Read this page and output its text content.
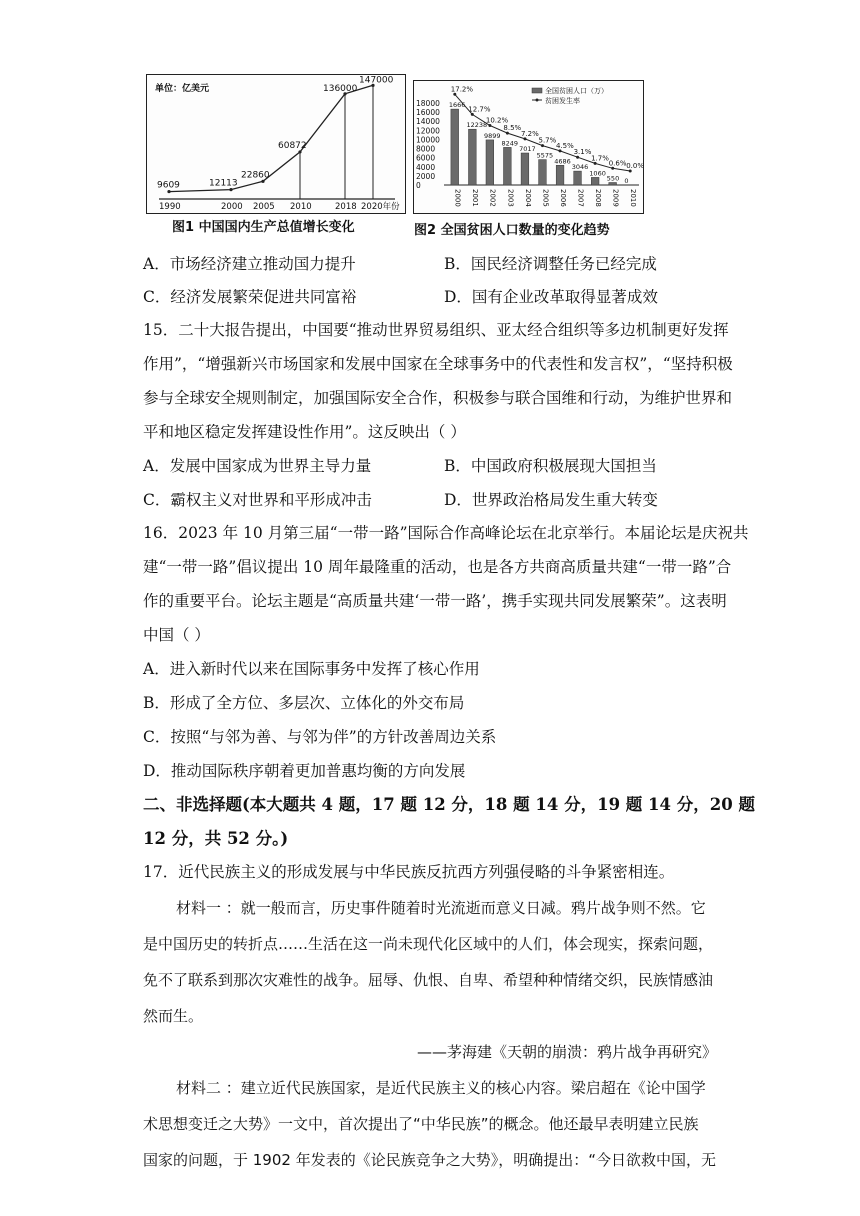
单位：亿美元
9609
1990
12113
2000
22860
2005
60872
2010
136000
2018
147000
2020年份
图1 中国国内生产总值增长变化
18000
16000
14000
12000
10000
8000
6000
4000
2000
0
1666
2000
12238
2001
9899
2002
8249
2003
7017
2004
5575
2005
4686
2006
3046
2007
1060
2008
550
2009
0
2010
17.2%
12.7%
10.2%
8.5%
7.2%
5.7%
4.5%
3.1%
1.7%
0.6% 0.0%
全国贫困人口（万）
贫困发生率
图2 全国贫困人口数量的变化趋势
A．市场经济建立推动国力提升	B．国民经济调整任务已经完成
C．经济发展繁荣促进共同富裕	D．国有企业改革取得显著成效
15．二十大报告提出，中国要“推动世界贸易组织、亚太经合组织等多边机制更好发挥
作用”，“增强新兴市场国家和发展中国家在全球事务中的代表性和发言权”，“坚持积极
参与全球安全规则制定，加强国际安全合作，积极参与联合国维和行动，为维护世界和
平和地区稳定发挥建设性作用”。这反映出（ ）
A．发展中国家成为世界主导力量	B．中国政府积极展现大国担当
C．霸权主义对世界和平形成冲击	D．世界政治格局发生重大转变
16．2023 年 10 月第三届“一带一路”国际合作高峰论坛在北京举行。本届论坛是庆祝共
建“一带一路”倡议提出 10 周年最隆重的活动，也是各方共商高质量共建“一带一路”合
作的重要平台。论坛主题是“高质量共建‘一带一路’，携手实现共同发展繁荣”。这表明
中国（ ）
A．进入新时代以来在国际事务中发挥了核心作用
B．形成了全方位、多层次、立体化的外交布局
C．按照“与邻为善、与邻为伴”的方针改善周边关系
D．推动国际秩序朝着更加普惠均衡的方向发展
二、非选择题(本大题共 4 题，17 题 12 分，18 题 14 分，19 题 14 分，20 题
12 分，共 52 分。)
17．近代民族主义的形成发展与中华民族反抗西方列强侵略的斗争紧密相连。
材料一 ：就一般而言，历史事件随着时光流逝而意义日减。鸦片战争则不然。它
是中国历史的转折点……生活在这一尚未现代化区域中的人们，体会现实，探索问题，
免不了联系到那次灾难性的战争。屈辱、仇恨、自卑、希望种种情绪交织，民族情感油
然而生。
——茅海建《天朝的崩溃：鸦片战争再研究》
材料二 ：建立近代民族国家，是近代民族主义的核心内容。梁启超在《论中国学
术思想变迁之大势》一文中，首次提出了“中华民族”的概念。他还最早表明建立民族
国家的问题，于 1902 年发表的《论民族竞争之大势》，明确提出：“今日欲救中国，无
